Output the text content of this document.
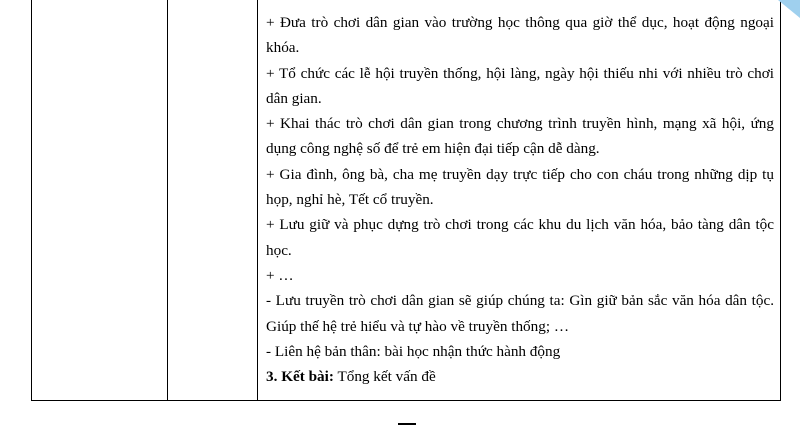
+ Đưa trò chơi dân gian vào trường học thông qua giờ thể dục, hoạt động ngoại khóa.

+ Tổ chức các lễ hội truyền thống, hội làng, ngày hội thiếu nhi với nhiều trò chơi dân gian.

+ Khai thác trò chơi dân gian trong chương trình truyền hình, mạng xã hội, ứng dụng công nghệ số để trẻ em hiện đại tiếp cận dễ dàng.

+ Gia đình, ông bà, cha mẹ truyền dạy trực tiếp cho con cháu trong những dịp tụ họp, nghỉ hè, Tết cổ truyền.

+ Lưu giữ và phục dựng trò chơi trong các khu du lịch văn hóa, bảo tàng dân tộc học.

+ …

- Lưu truyền trò chơi dân gian sẽ giúp chúng ta: Gìn giữ bản sắc văn hóa dân tộc. Giúp thế hệ trẻ hiểu và tự hào về truyền thống; …

- Liên hệ bản thân: bài học nhận thức hành động

3. Kết bài: Tổng kết vấn đề
